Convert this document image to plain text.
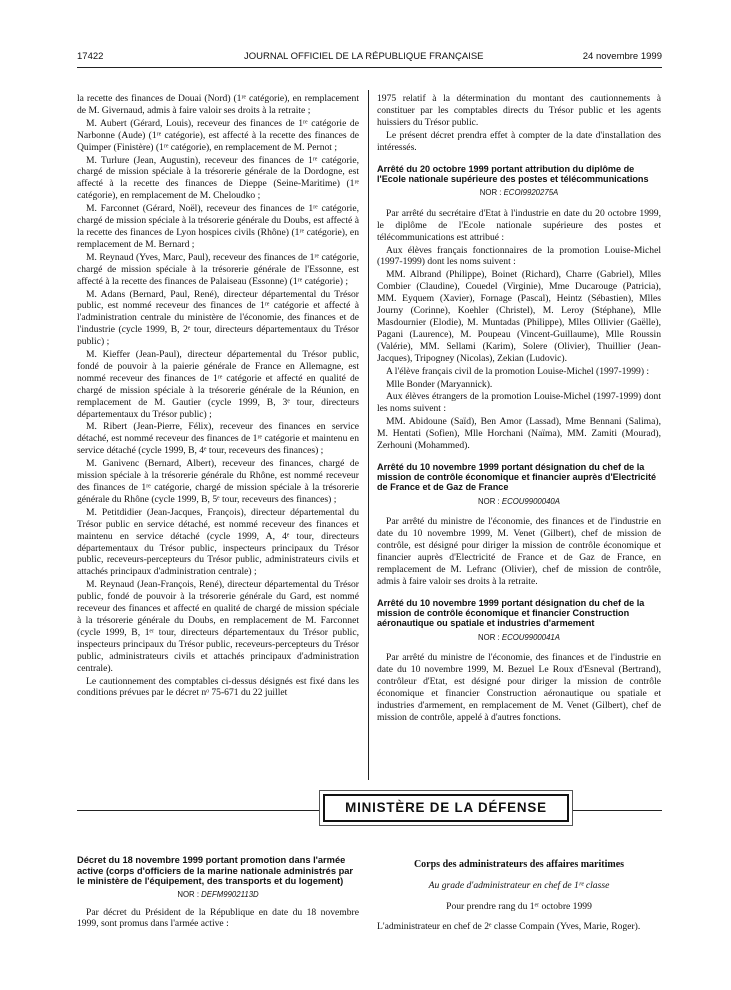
17422	JOURNAL OFFICIEL DE LA RÉPUBLIQUE FRANÇAISE	24 novembre 1999

la recette des finances de Douai (Nord) (1ʳᵉ catégorie), en remplacement de M. Givernaud, admis à faire valoir ses droits à la retraite ;

M. Aubert (Gérard, Louis), receveur des finances de 1ʳᵉ catégorie de Narbonne (Aude) (1ʳᵉ catégorie), est affecté à la recette des finances de Quimper (Finistère) (1ʳᵉ catégorie), en remplacement de M. Pernot ;

M. Turlure (Jean, Augustin), receveur des finances de 1ʳᵉ catégorie, chargé de mission spéciale à la trésorerie générale de la Dordogne, est affecté à la recette des finances de Dieppe (Seine-Maritime) (1ʳᵉ catégorie), en remplacement de M. Cheloudko ;

M. Farconnet (Gérard, Noël), receveur des finances de 1ʳᵉ catégorie, chargé de mission spéciale à la trésorerie générale du Doubs, est affecté à la recette des finances de Lyon hospices civils (Rhône) (1ʳᵉ catégorie), en remplacement de M. Bernard ;

M. Reynaud (Yves, Marc, Paul), receveur des finances de 1ʳᵉ catégorie, chargé de mission spéciale à la trésorerie générale de l'Essonne, est affecté à la recette des finances de Palaiseau (Essonne) (1ʳᵉ catégorie) ;

M. Adans (Bernard, Paul, René), directeur départemental du Trésor public, est nommé receveur des finances de 1ʳᵉ catégorie et affecté à l'administration centrale du ministère de l'économie, des finances et de l'industrie (cycle 1999, B, 2ᵉ tour, directeurs départementaux du Trésor public) ;

M. Kieffer (Jean-Paul), directeur départemental du Trésor public, fondé de pouvoir à la paierie générale de France en Allemagne, est nommé receveur des finances de 1ʳᵉ catégorie et affecté en qualité de chargé de mission spéciale à la trésorerie générale de la Réunion, en remplacement de M. Gautier (cycle 1999, B, 3ᵉ tour, directeurs départementaux du Trésor public) ;

M. Ribert (Jean-Pierre, Félix), receveur des finances en service détaché, est nommé receveur des finances de 1ʳᵉ catégorie et maintenu en service détaché (cycle 1999, B, 4ᵉ tour, receveurs des finances) ;

M. Ganivenc (Bernard, Albert), receveur des finances, chargé de mission spéciale à la trésorerie générale du Rhône, est nommé receveur des finances de 1ʳᵉ catégorie, chargé de mission spéciale à la trésorerie générale du Rhône (cycle 1999, B, 5ᵉ tour, receveurs des finances) ;

M. Petitdidier (Jean-Jacques, François), directeur départemental du Trésor public en service détaché, est nommé receveur des finances et maintenu en service détaché (cycle 1999, A, 4ᵉ tour, directeurs départementaux du Trésor public, inspecteurs principaux du Trésor public, receveurs-percepteurs du Trésor public, administrateurs civils et attachés principaux d'administration centrale) ;

M. Reynaud (Jean-François, René), directeur départemental du Trésor public, fondé de pouvoir à la trésorerie générale du Gard, est nommé receveur des finances et affecté en qualité de chargé de mission spéciale à la trésorerie générale du Doubs, en remplacement de M. Farconnet (cycle 1999, B, 1ᵉʳ tour, directeurs départementaux du Trésor public, inspecteurs principaux du Trésor public, receveurs-percepteurs du Trésor public, administrateurs civils et attachés principaux d'administration centrale).

Le cautionnement des comptables ci-dessus désignés est fixé dans les conditions prévues par le décret nᵒ 75-671 du 22 juillet

1975 relatif à la détermination du montant des cautionnements à constituer par les comptables directs du Trésor public et les agents huissiers du Trésor public.

Le présent décret prendra effet à compter de la date d'installation des intéressés.

Arrêté du 20 octobre 1999 portant attribution du diplôme de l'Ecole nationale supérieure des postes et télécommunications
NOR : ECOI9920275A

Par arrêté du secrétaire d'Etat à l'industrie en date du 20 octobre 1999, le diplôme de l'Ecole nationale supérieure des postes et télécommunications est attribué :

Aux élèves français fonctionnaires de la promotion Louise-Michel (1997-1999) dont les noms suivent :

MM. Albrand (Philippe), Boinet (Richard), Charre (Gabriel), Mlles Combier (Claudine), Couedel (Virginie), Mme Ducarouge (Patricia), MM. Eyquem (Xavier), Fornage (Pascal), Heintz (Sébastien), Mlles Journy (Corinne), Koehler (Christel), M. Leroy (Stéphane), Mlle Masdournier (Elodie), M. Muntadas (Philippe), Mlles Ollivier (Gaëlle), Pagani (Laurence), M. Poupeau (Vincent-Guillaume), Mlle Roussin (Valérie), MM. Sellami (Karim), Solere (Olivier), Thuillier (Jean-Jacques), Tripogney (Nicolas), Zekian (Ludovic).

A l'élève français civil de la promotion Louise-Michel (1997-1999) :

Mlle Bonder (Maryannick).

Aux élèves étrangers de la promotion Louise-Michel (1997-1999) dont les noms suivent :

MM. Abidoune (Saïd), Ben Amor (Lassad), Mme Bennani (Salima), M. Hentati (Sofien), Mlle Horchani (Naïma), MM. Zamiti (Mourad), Zerhouni (Mohammed).

Arrêté du 10 novembre 1999 portant désignation du chef de la mission de contrôle économique et financier auprès d'Electricité de France et de Gaz de France
NOR : ECOU9900040A

Par arrêté du ministre de l'économie, des finances et de l'industrie en date du 10 novembre 1999, M. Venet (Gilbert), chef de mission de contrôle, est désigné pour diriger la mission de contrôle économique et financier auprès d'Electricité de France et de Gaz de France, en remplacement de M. Lefranc (Olivier), chef de mission de contrôle, admis à faire valoir ses droits à la retraite.

Arrêté du 10 novembre 1999 portant désignation du chef de la mission de contrôle économique et financier Construction aéronautique ou spatiale et industries d'armement
NOR : ECOU9900041A

Par arrêté du ministre de l'économie, des finances et de l'industrie en date du 10 novembre 1999, M. Bezuel Le Roux d'Esneval (Bertrand), contrôleur d'Etat, est désigné pour diriger la mission de contrôle économique et financier Construction aéronautique ou spatiale et industries d'armement, en remplacement de M. Venet (Gilbert), chef de mission de contrôle, appelé à d'autres fonctions.

MINISTÈRE DE LA DÉFENSE
Décret du 18 novembre 1999 portant promotion dans l'armée active (corps d'officiers de la marine nationale administrés par le ministère de l'équipement, des transports et du logement)
NOR : DEFM9902113D
Par décret du Président de la République en date du 18 novembre 1999, sont promus dans l'armée active :
Corps des administrateurs des affaires maritimes
Au grade d'administrateur en chef de 1ʳᵉ classe
Pour prendre rang du 1ᵉʳ octobre 1999
L'administrateur en chef de 2ᵉ classe Compain (Yves, Marie, Roger).
